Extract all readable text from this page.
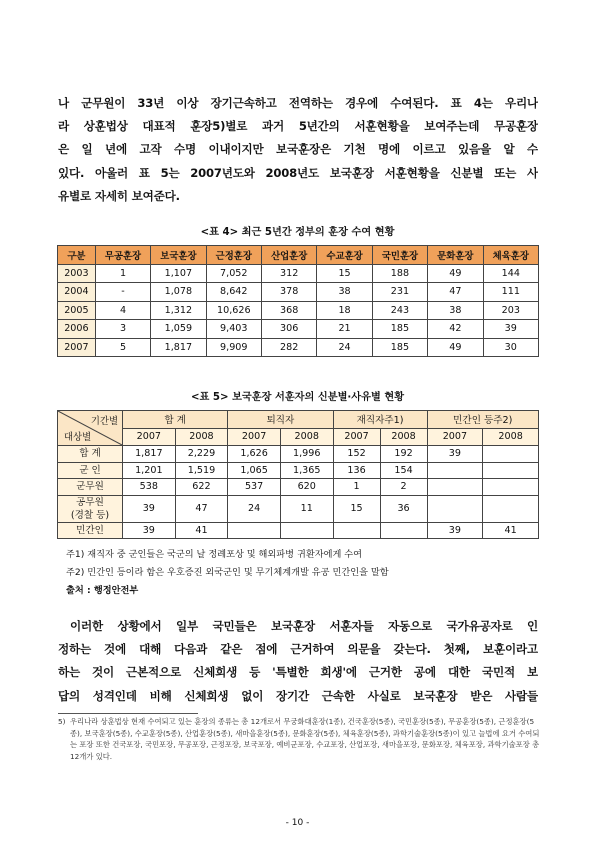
나 군무원이 33년 이상 장기근속하고 전역하는 경우에 수여된다. 표 4는 우리나
라 상훈법상 대표적 훈장5)별로 과거 5년간의 서훈현황을 보여주는데 무공훈장
은 일 년에 고작 수명 이내이지만 보국훈장은 기천 명에 이르고 있음을 알 수
있다. 아울러 표 5는 2007년도와 2008년도 보국훈장 서훈현황을 신분별 또는 사
유별로 자세히 보여준다.
<표 4> 최근 5년간 정부의 훈장 수여 현황
구분	무공훈장	보국훈장	근정훈장	산업훈장	수교훈장	국민훈장	문화훈장	체육훈장
2003	1	1,107	7,052	312	15	188	49	144
2004	-	1,078	8,642	378	38	231	47	111
2005	4	1,312	10,626	368	18	243	38	203
2006	3	1,059	9,403	306	21	185	42	39
2007	5	1,817	9,909	282	24	185	49	30
<표 5> 보국훈장 서훈자의 신분별·사유별 현황
기간별
대상별	합 계		퇴직자		재직자주1)		민간인 등주2)	
	2007	2008	2007	2008	2007	2008	2007	2008
합 계	1,817	2,229	1,626	1,996	152	192	39	
군 인	1,201	1,519	1,065	1,365	136	154		
군무원	538	622	537	620	1	2		
공무원
(경찰 등)	39	47	24	11	15	36		
민간인	39	41					39	41
주1) 재직자 중 군인들은 국군의 날 정례포상 및 해외파병 귀환자에게 수여
주2) 민간인 등이라 함은 우호증진 외국군인 및 무기체계개발 유공 민간인을 말함
출처 : 행정안전부
이러한 상황에서 일부 국민들은 보국훈장 서훈자들 자동으로 국가유공자로 인
정하는 것에 대해 다음과 같은 점에 근거하여 의문을 갖는다. 첫째, 보훈이라고
하는 것이 근본적으로 신체희생 등 '특별한 희생'에 근거한 공에 대한 국민적 보
답의 성격인데 비해 신체희생 없이 장기간 근속한 사실로 보국훈장 받은 사람들
5) 우리나라 상훈법상 현재 수여되고 있는 훈장의 종류는 총 12개로서 무궁화대훈장(1종), 건국훈장(5종), 국민훈장(5종), 무공훈장(5종), 근정훈장(5종), 보국훈장(5종), 수교훈장(5종), 산업훈장(5종), 새마을훈장(5종), 문화훈장(5종), 체육훈장(5종), 과학기술훈장(5종)이 있고 늘법에 요거 수여되는 포장 또한 건국포장, 국민포장, 무공포장, 근정포장, 보국포장, 예비군포장, 수교포장, 산업포장, 새마을포장, 문화포장, 체육포장, 과학기술포장 총 12개가 있다.
- 10 -
